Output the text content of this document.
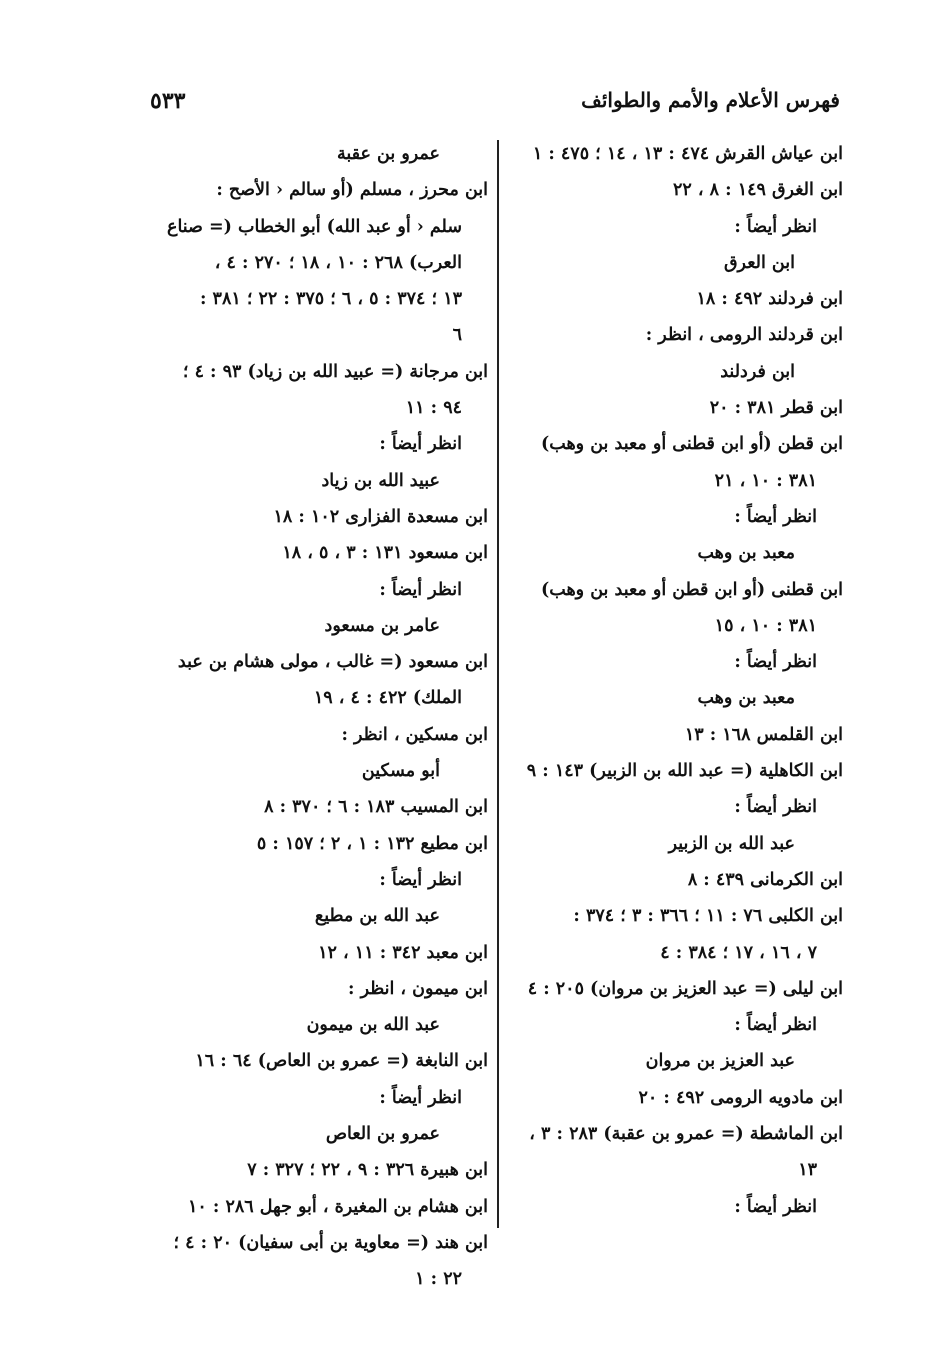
فهرس الأعلام والأمم والطوائف
٥٣٣
ابن عياش القرش ٤٧٤ : ١٣ ، ١٤ ؛ ٤٧٥ : ١
ابن الغرق ١٤٩ : ٨ ، ٢٢
انظر أيضاً :
ابن العرق
ابن فردلند ٤٩٢ : ١٨
ابن قردلند الرومى ، انظر :
ابن فردلند
ابن قطر ٣٨١ : ٢٠
ابن قطن (أو ابن قطنى أو معبد بن وهب)
٣٨١ : ١٠ ، ٢١
انظر أيضاً :
معبد بن وهب
ابن قطنى (أو ابن قطن أو معبد بن وهب)
٣٨١ : ١٠ ، ١٥
انظر أيضاً :
معبد بن وهب
ابن القلمس ١٦٨ : ١٣
ابن الكاهلية (= عبد الله بن الزبير) ١٤٣ : ٩
انظر أيضاً :
عبد الله بن الزبير
ابن الكرمانى ٤٣٩ : ٨
ابن الكلبى ٧٦ : ١١ ؛ ٣٦٦ : ٣ ؛ ٣٧٤ :
٧ ، ١٦ ، ١٧ ؛ ٣٨٤ : ٤
ابن ليلى (= عبد العزيز بن مروان) ٢٠٥ : ٤
انظر أيضاً :
عبد العزيز بن مروان
ابن مادويه الرومى ٤٩٢ : ٢٠
ابن الماشطة (= عمرو بن عقبة) ٢٨٣ : ٣ ،
١٣
انظر أيضاً :
عمرو بن عقبة
ابن محرز ، مسلم (أو سالم ‹ الأصح :
سلم ‹ أو عبد الله) أبو الخطاب (= صناع
العرب) ٢٦٨ : ١٠ ، ١٨ ؛ ٢٧٠ : ٤ ،
١٣ ؛ ٣٧٤ : ٥ ، ٦ ؛ ٣٧٥ : ٢٢ ؛ ٣٨١ :
٦
ابن مرجانة (= عبيد الله بن زياد) ٩٣ : ٤ ؛
٩٤ : ١١
انظر أيضاً :
عبيد الله بن زياد
ابن مسعدة الفزارى ١٠٢ : ١٨
ابن مسعود ١٣١ : ٣ ، ٥ ، ١٨
انظر أيضاً :
عامر بن مسعود
ابن مسعود (= غالب ، مولى هشام بن عبد
الملك) ٤٢٢ : ٤ ، ١٩
ابن مسكين ، انظر :
أبو مسكين
ابن المسيب ١٨٣ : ٦ ؛ ٣٧٠ : ٨
ابن مطيع ١٣٢ : ١ ، ٢ ؛ ١٥٧ : ٥
انظر أيضاً :
عبد الله بن مطيع
ابن معبد ٣٤٢ : ١١ ، ١٢
ابن ميمون ، انظر :
عبد الله بن ميمون
ابن النابغة (= عمرو بن العاص) ٦٤ : ١٦
انظر أيضاً :
عمرو بن العاص
ابن هبيرة ٣٢٦ : ٩ ، ٢٢ ؛ ٣٢٧ : ٧
ابن هشام بن المغيرة ، أبو جهل ٢٨٦ : ١٠
ابن هند (= معاوية بن أبى سفيان) ٢٠ : ٤ ؛
٢٢ : ١
